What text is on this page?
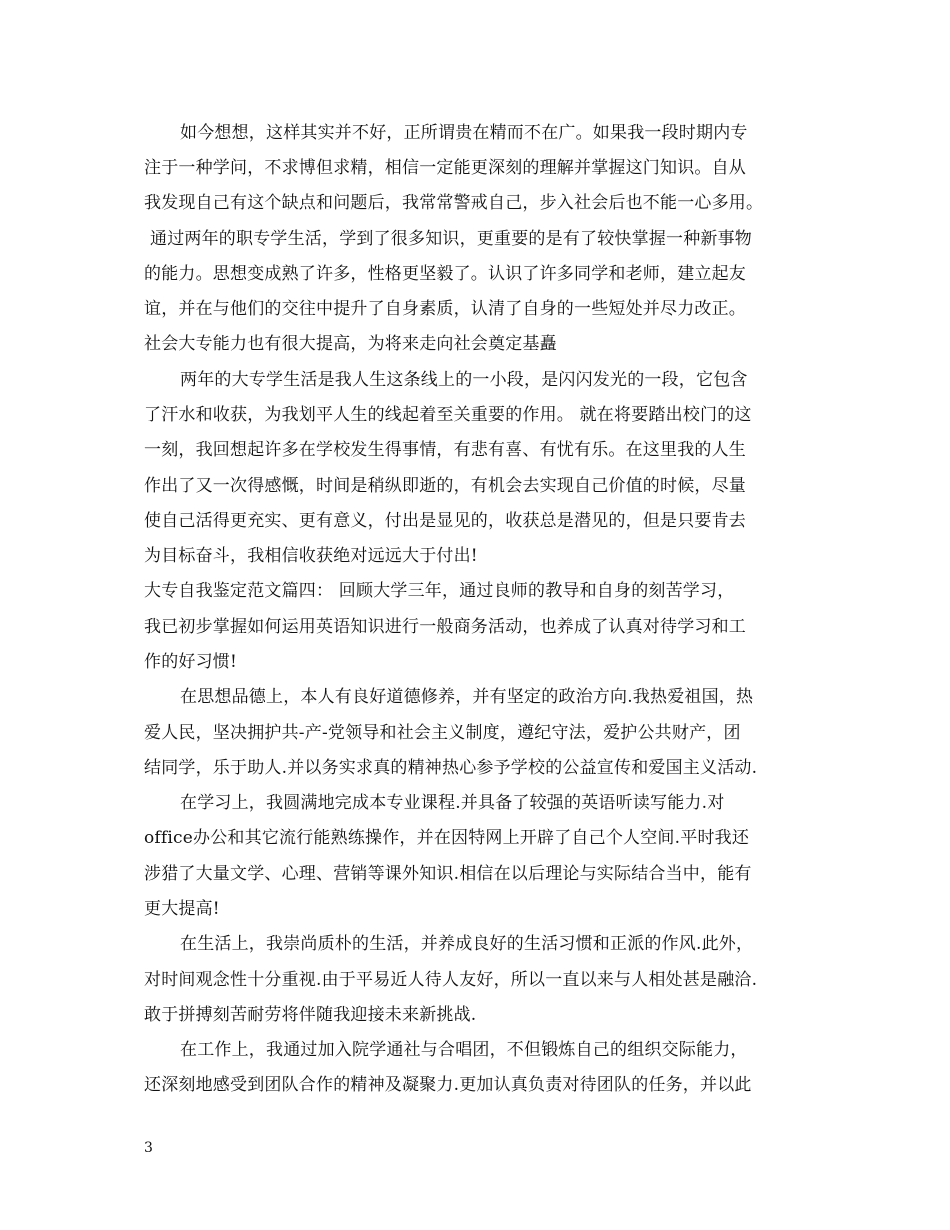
如今想想，这样其实并不好，正所谓贵在精而不在广。如果我一段时期内专
注于一种学问，不求博但求精，相信一定能更深刻的理解并掌握这门知识。自从
我发现自己有这个缺点和问题后，我常常警戒自己，步入社会后也不能一心多用。
通过两年的职专学生活，学到了很多知识，更重要的是有了较快掌握一种新事物
的能力。思想变成熟了许多，性格更坚毅了。认识了许多同学和老师，建立起友
谊，并在与他们的交往中提升了自身素质，认清了自身的一些短处并尽力改正。
社会大专能力也有很大提高，为将来走向社会奠定基矗
两年的大专学生活是我人生这条线上的一小段，是闪闪发光的一段，它包含
了汗水和收获，为我划平人生的线起着至关重要的作用。 就在将要踏出校门的这
一刻，我回想起许多在学校发生得事情，有悲有喜、有忧有乐。在这里我的人生
作出了又一次得感慨，时间是稍纵即逝的，有机会去实现自己价值的时候，尽量
使自己活得更充实、更有意义，付出是显见的，收获总是潜见的，但是只要肯去
为目标奋斗，我相信收获绝对远远大于付出!
大专自我鉴定范文篇四： 回顾大学三年，通过良师的教导和自身的刻苦学习，
我已初步掌握如何运用英语知识进行一般商务活动，也养成了认真对待学习和工
作的好习惯!
在思想品德上，本人有良好道德修养，并有坚定的政治方向.我热爱祖国，热
爱人民，坚决拥护共-产-党领导和社会主义制度，遵纪守法，爱护公共财产，团
结同学，乐于助人.并以务实求真的精神热心参予学校的公益宣传和爱国主义活动.
在学习上，我圆满地完成本专业课程.并具备了较强的英语听读写能力.对
office办公和其它流行能熟练操作，并在因特网上开辟了自己个人空间.平时我还
涉猎了大量文学、心理、营销等课外知识.相信在以后理论与实际结合当中，能有
更大提高!
在生活上，我崇尚质朴的生活，并养成良好的生活习惯和正派的作风.此外，
对时间观念性十分重视.由于平易近人待人友好，所以一直以来与人相处甚是融洽.
敢于拼搏刻苦耐劳将伴随我迎接未来新挑战.
在工作上，我通过加入院学通社与合唱团，不但锻炼自己的组织交际能力，
还深刻地感受到团队合作的精神及凝聚力.更加认真负责对待团队的任务，并以此
3
